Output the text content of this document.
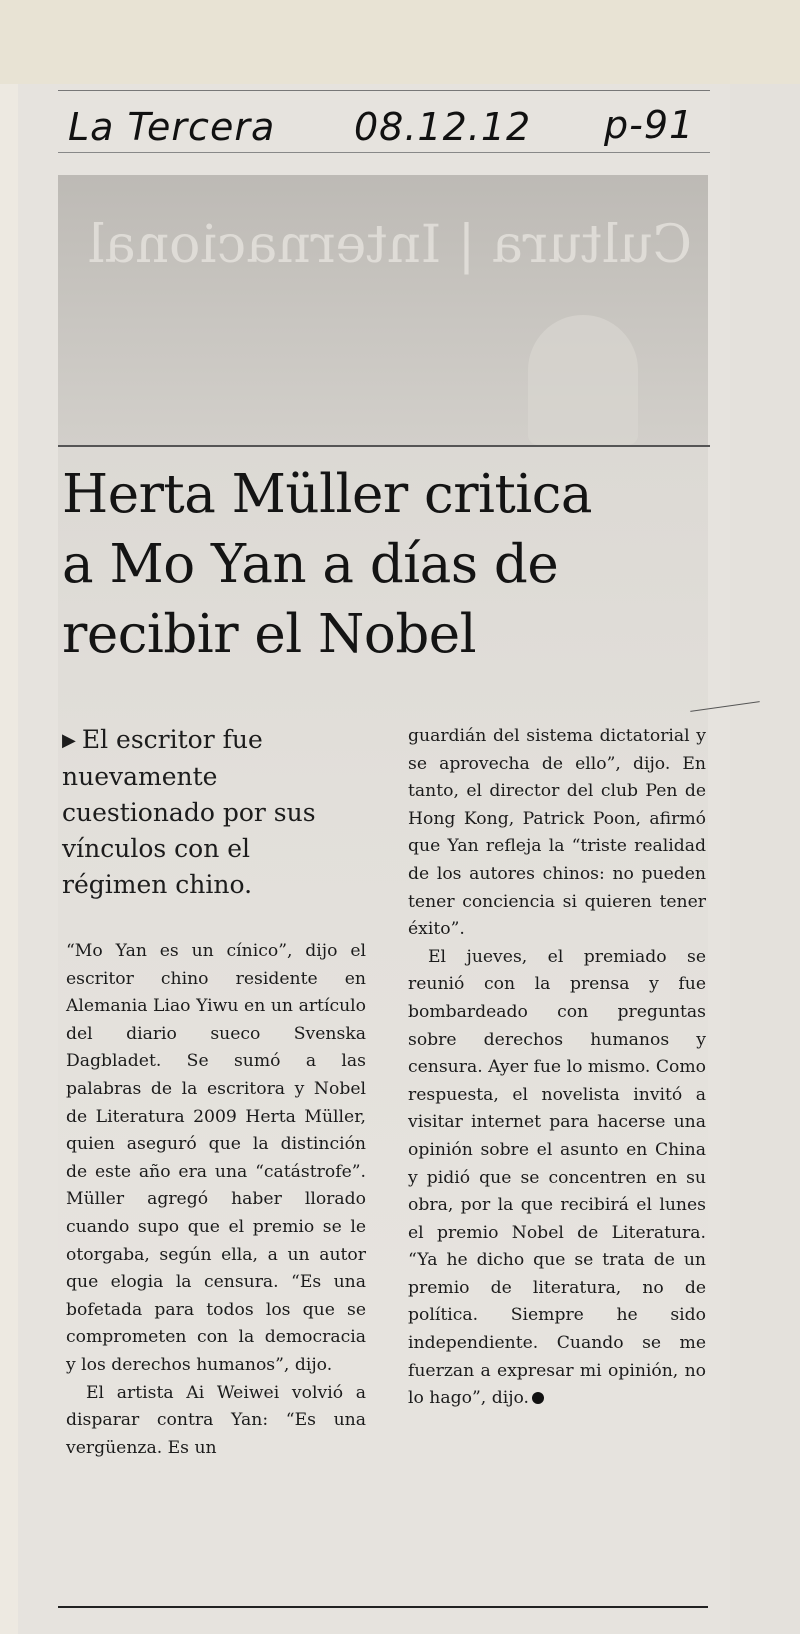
La Tercera 08.12.12 p-91
Cultura | Internacional
Herta Müller critica
a Mo Yan a días de
recibir el Nobel

▶ El escritor fue nuevamente cuestionado por sus vínculos con el régimen chino.

“Mo Yan es un cínico”, dijo el escritor chino residente en Alemania Liao Yiwu en un artículo del diario sueco Svenska Dagbladet. Se sumó a las palabras de la escritora y Nobel de Literatura 2009 Herta Müller, quien aseguró que la distinción de este año era una “catástrofe”. Müller agregó haber llorado cuando supo que el premio se le otorgaba, según ella, a un autor que elogia la censura. “Es una bofetada para todos los que se comprometen con la democracia y los derechos humanos”, dijo.

El artista Ai Weiwei volvió a disparar contra Yan: “Es una vergüenza. Es un

guardián del sistema dictatorial y se aprovecha de ello”, dijo. En tanto, el director del club Pen de Hong Kong, Patrick Poon, afirmó que Yan refleja la “triste realidad de los autores chinos: no pueden tener conciencia si quieren tener éxito”.

El jueves, el premiado se reunió con la prensa y fue bombardeado con preguntas sobre derechos humanos y censura. Ayer fue lo mismo. Como respuesta, el novelista invitó a visitar internet para hacerse una opinión sobre el asunto en China y pidió que se concentren en su obra, por la que recibirá el lunes el premio Nobel de Literatura. “Ya he dicho que se trata de un premio de literatura, no de política. Siempre he sido independiente. Cuando se me fuerzan a expresar mi opinión, no lo hago”, dijo.
